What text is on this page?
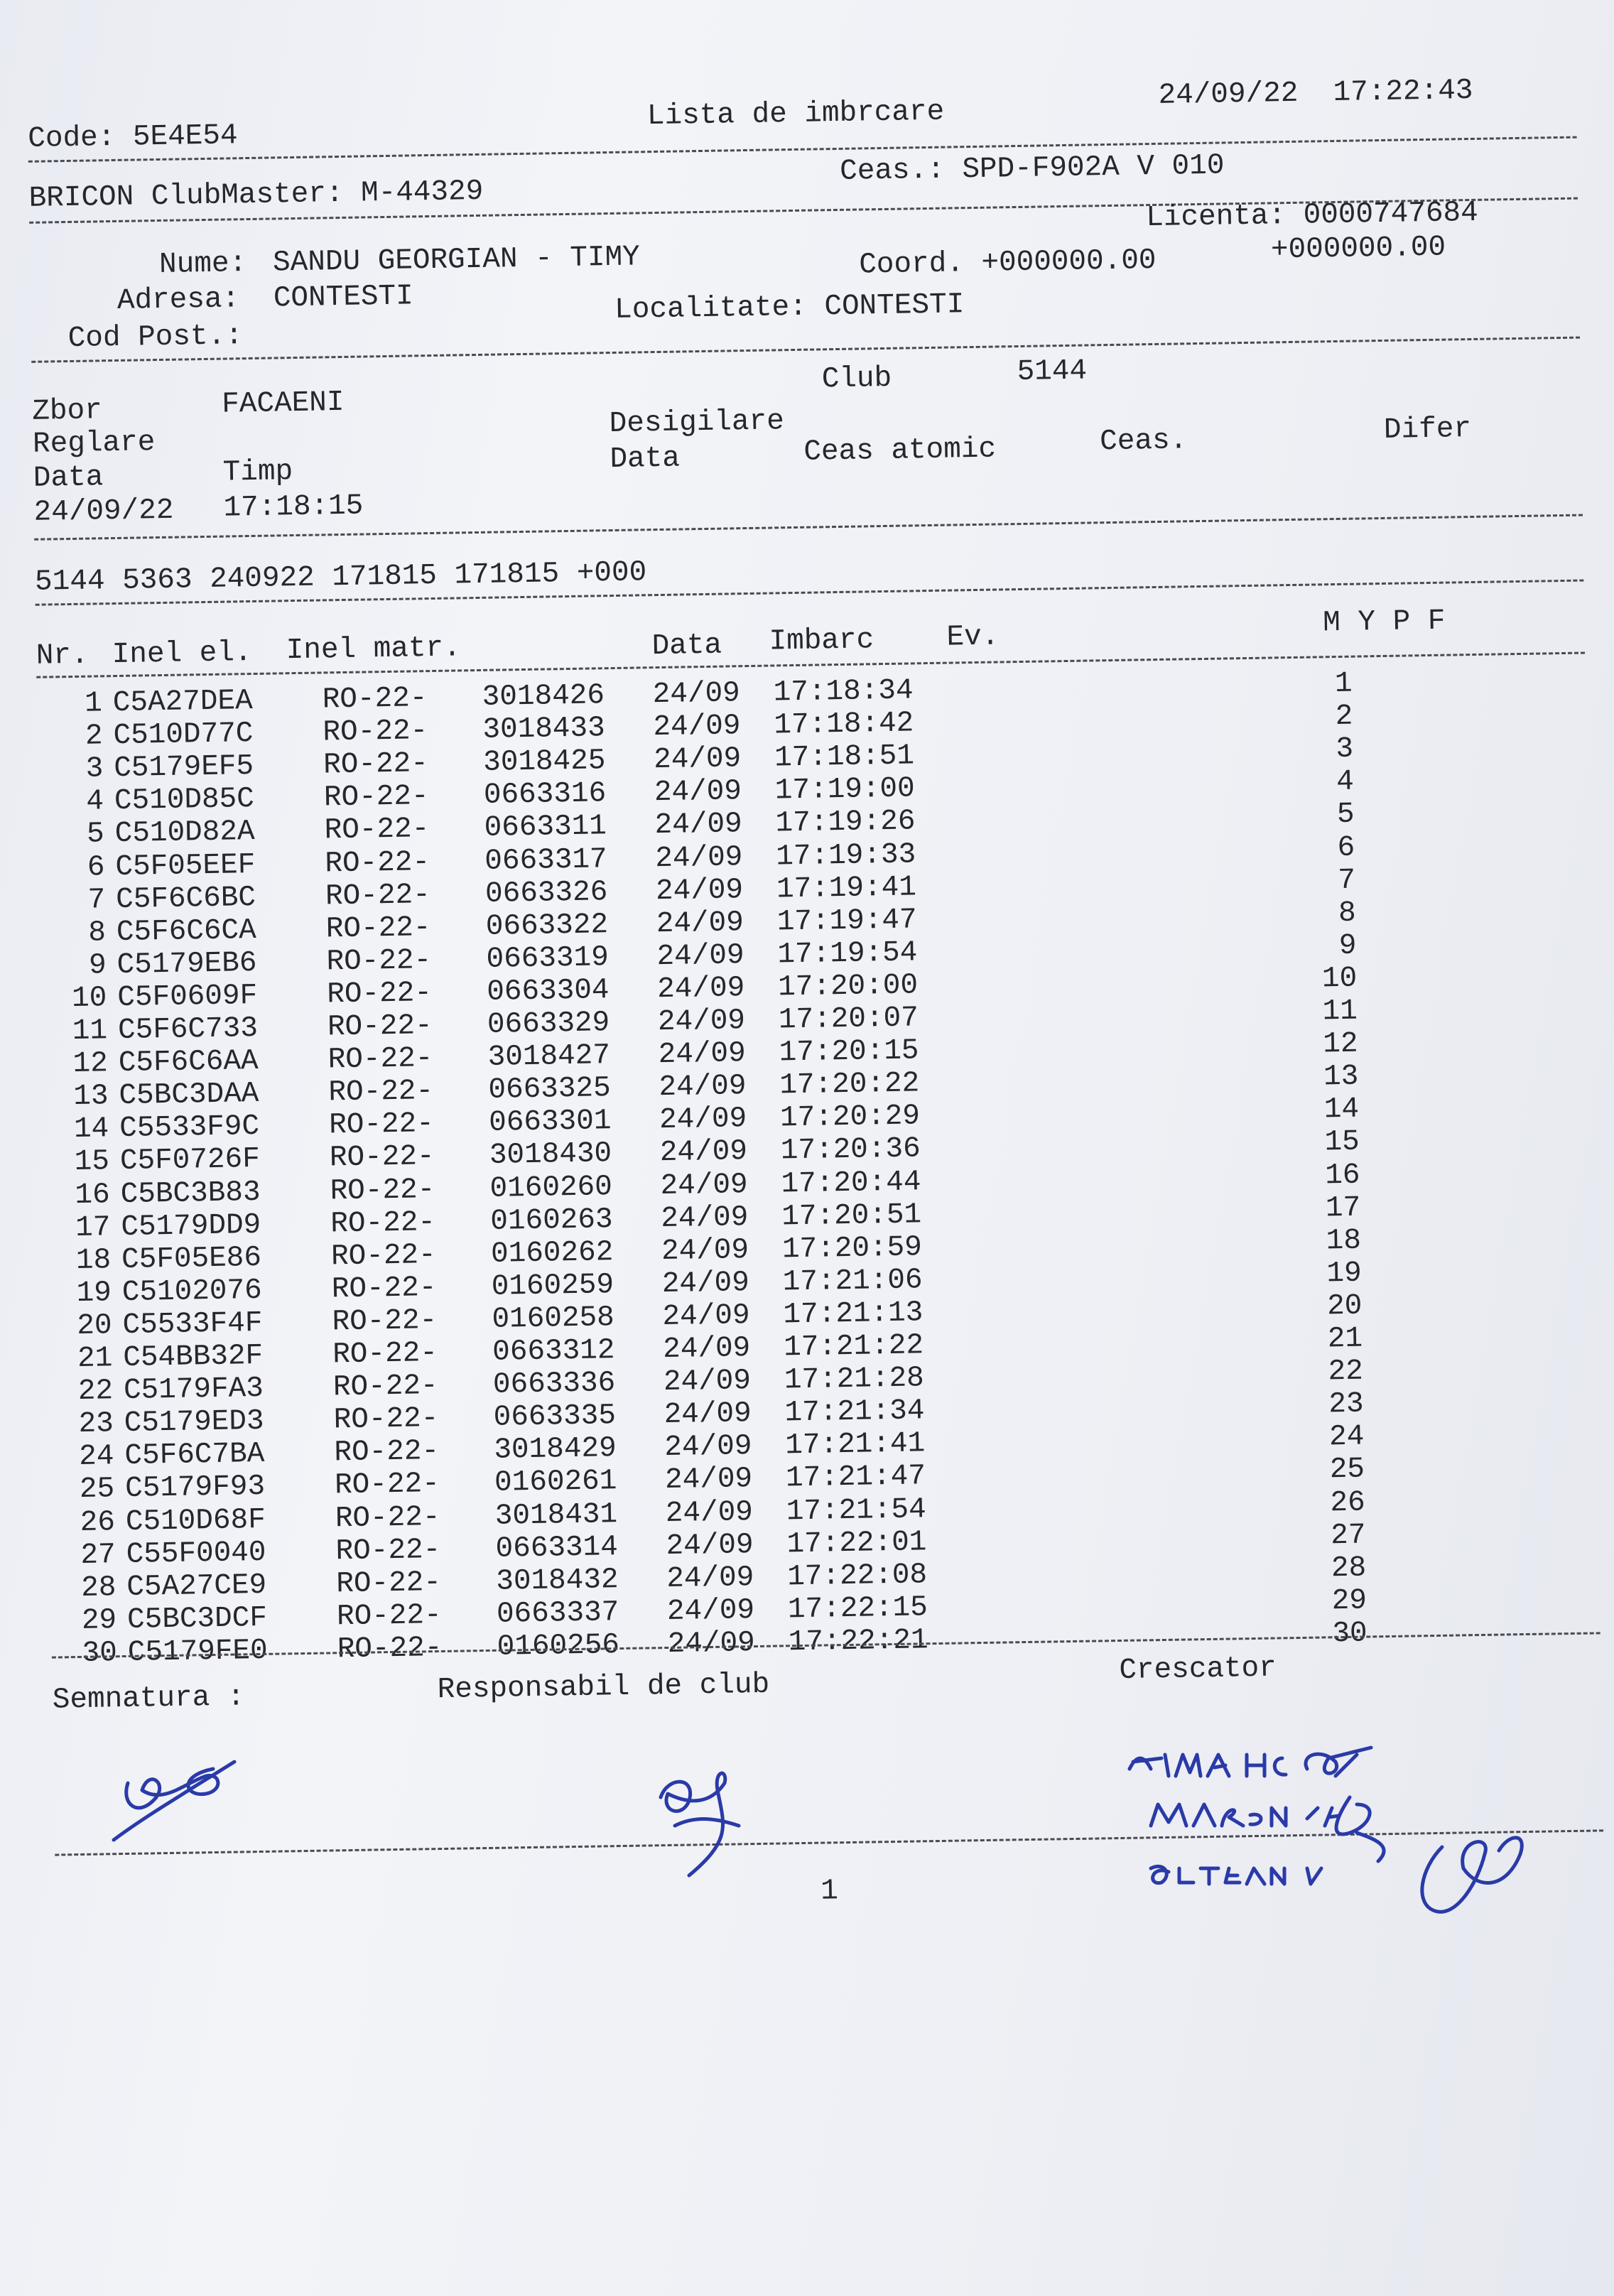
Code: 5E4E54
Lista de imbrcare
24/09/22  17:22:43
BRICON ClubMaster: M-44329
Ceas.: SPD-F902A V 010
Licenta: 0000747684
Nume: SANDU GEORGIAN - TIMY	Coord. +000000.00	+000000.00
Adresa: CONTESTI
Cod Post.:
Localitate: CONTESTI
Zbor	FACAENI
Club	5144
Reglare
Desigilare
Data	Timp	Data	Ceas atomic	Ceas.	Difer
24/09/22 17:18:15
5144 5363 240922 171815 171815 +000
Nr. Inel el. Inel matr.	Data Imbarc Ev.	M Y P F
1 C5A27DEA RO-22- 3018426 24/09 17:18:34	1
2 C510D77C RO-22- 3018433 24/09 17:18:42	2
3 C5179EF5 RO-22- 3018425 24/09 17:18:51	3
4 C510D85C RO-22- 0663316 24/09 17:19:00	4
5 C510D82A RO-22- 0663311 24/09 17:19:26	5
6 C5F05EEF RO-22- 0663317 24/09 17:19:33	6
7 C5F6C6BC RO-22- 0663326 24/09 17:19:41	7
8 C5F6C6CA RO-22- 0663322 24/09 17:19:47	8
9 C5179EB6 RO-22- 0663319 24/09 17:19:54	9
10 C5F0609F RO-22- 0663304 24/09 17:20:00	10
11 C5F6C733 RO-22- 0663329 24/09 17:20:07	11
12 C5F6C6AA RO-22- 3018427 24/09 17:20:15	12
13 C5BC3DAA RO-22- 0663325 24/09 17:20:22	13
14 C5533F9C RO-22- 0663301 24/09 17:20:29	14
15 C5F0726F RO-22- 3018430 24/09 17:20:36	15
16 C5BC3B83 RO-22- 0160260 24/09 17:20:44	16
17 C5179DD9 RO-22- 0160263 24/09 17:20:51	17
18 C5F05E86 RO-22- 0160262 24/09 17:20:59	18
19 C5102076 RO-22- 0160259 24/09 17:21:06	19
20 C5533F4F RO-22- 0160258 24/09 17:21:13	20
21 C54BB32F RO-22- 0663312 24/09 17:21:22	21
22 C5179FA3 RO-22- 0663336 24/09 17:21:28	22
23 C5179ED3 RO-22- 0663335 24/09 17:21:34	23
24 C5F6C7BA RO-22- 3018429 24/09 17:21:41	24
25 C5179F93 RO-22- 0160261 24/09 17:21:47	25
26 C510D68F RO-22- 3018431 24/09 17:21:54	26
27 C55F0040 RO-22- 0663314 24/09 17:22:01	27
28 C5A27CE9 RO-22- 3018432 24/09 17:22:08	28
29 C5BC3DCF RO-22- 0663337 24/09 17:22:15	29
30 C5179FE0 RO-22- 0160256 24/09 17:22:21	30
Semnatura :	Responsabil de club	Crescator
1
